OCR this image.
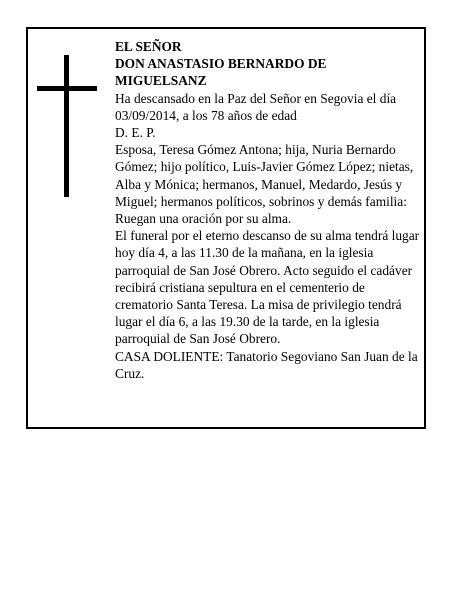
EL SEÑOR

DON ANASTASIO BERNARDO DE MIGUELSANZ

Ha descansado en la Paz del Señor en Segovia el día 03/09/2014, a los 78 años de edad

D. E. P.

Esposa, Teresa Gómez Antona; hija, Nuria Bernardo Gómez; hijo político, Luis-Javier Gómez López; nietas, Alba y Mónica; hermanos, Manuel, Medardo, Jesús y Miguel; hermanos políticos, sobrinos y demás familia:

Ruegan una oración por su alma.

El funeral por el eterno descanso de su alma tendrá lugar hoy día 4, a las 11.30 de la mañana, en la iglesia parroquial de San José Obrero. Acto seguido el cadáver recibirá cristiana sepultura en el cementerio de crematorio Santa Teresa. La misa de privilegio tendrá lugar el día 6, a las 19.30 de la tarde, en la iglesia parroquial de San José Obrero.

CASA DOLIENTE: Tanatorio Segoviano San Juan de la Cruz.
